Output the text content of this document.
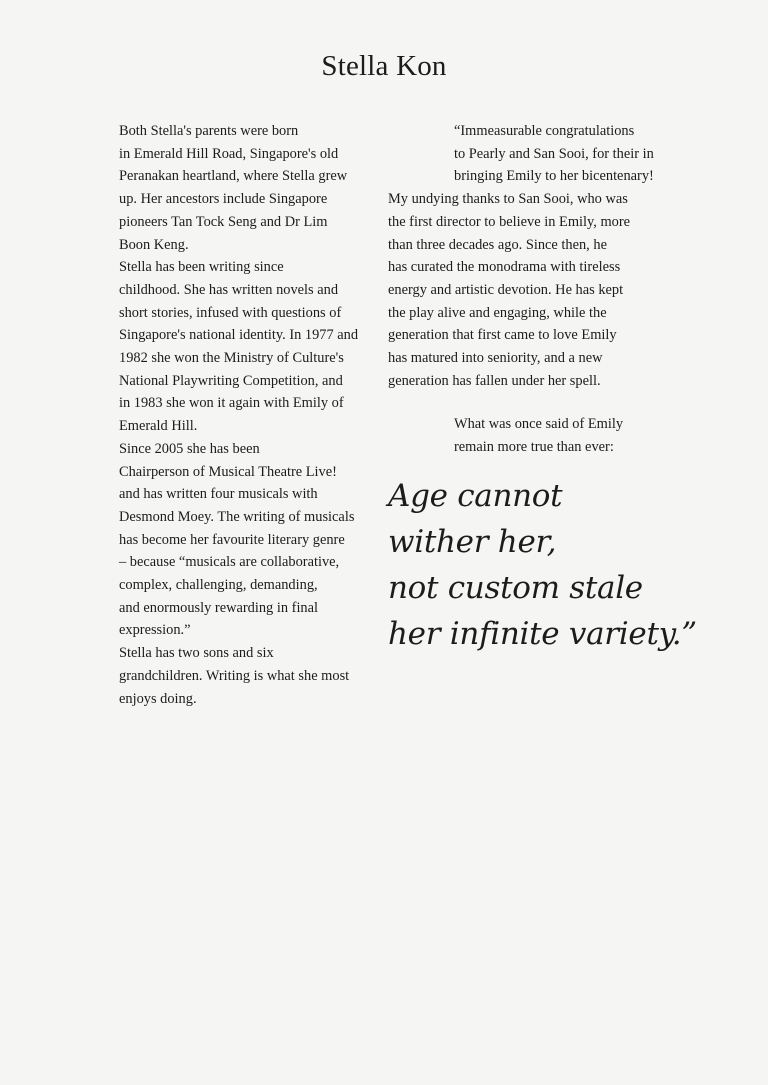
Stella Kon

Both Stella's parents were born
in Emerald Hill Road, Singapore's old
Peranakan heartland, where Stella grew
up. Her ancestors include Singapore
pioneers Tan Tock Seng and Dr Lim
Boon Keng.

Stella has been writing since
childhood. She has written novels and
short stories, infused with questions of
Singapore's national identity. In 1977 and
1982 she won the Ministry of Culture's
National Playwriting Competition, and
in 1983 she won it again with Emily of
Emerald Hill.

Since 2005 she has been
Chairperson of Musical Theatre Live!
and has written four musicals with
Desmond Moey. The writing of musicals
has become her favourite literary genre
– because “musicals are collaborative,
complex, challenging, demanding,
and enormously rewarding in final
expression.”

Stella has two sons and six
grandchildren. Writing is what she most
enjoys doing.

“Immeasurable congratulations
to Pearly and San Sooi, for their in
bringing Emily to her bicentenary!

My undying thanks to San Sooi, who was
the first director to believe in Emily, more
than three decades ago. Since then, he
has curated the monodrama with tireless
energy and artistic devotion. He has kept
the play alive and engaging, while the
generation that first came to love Emily
has matured into seniority, and a new
generation has fallen under her spell.

What was once said of Emily
remain more true than ever:

Age cannot
wither her,
not custom stale
her infinite variety.”
